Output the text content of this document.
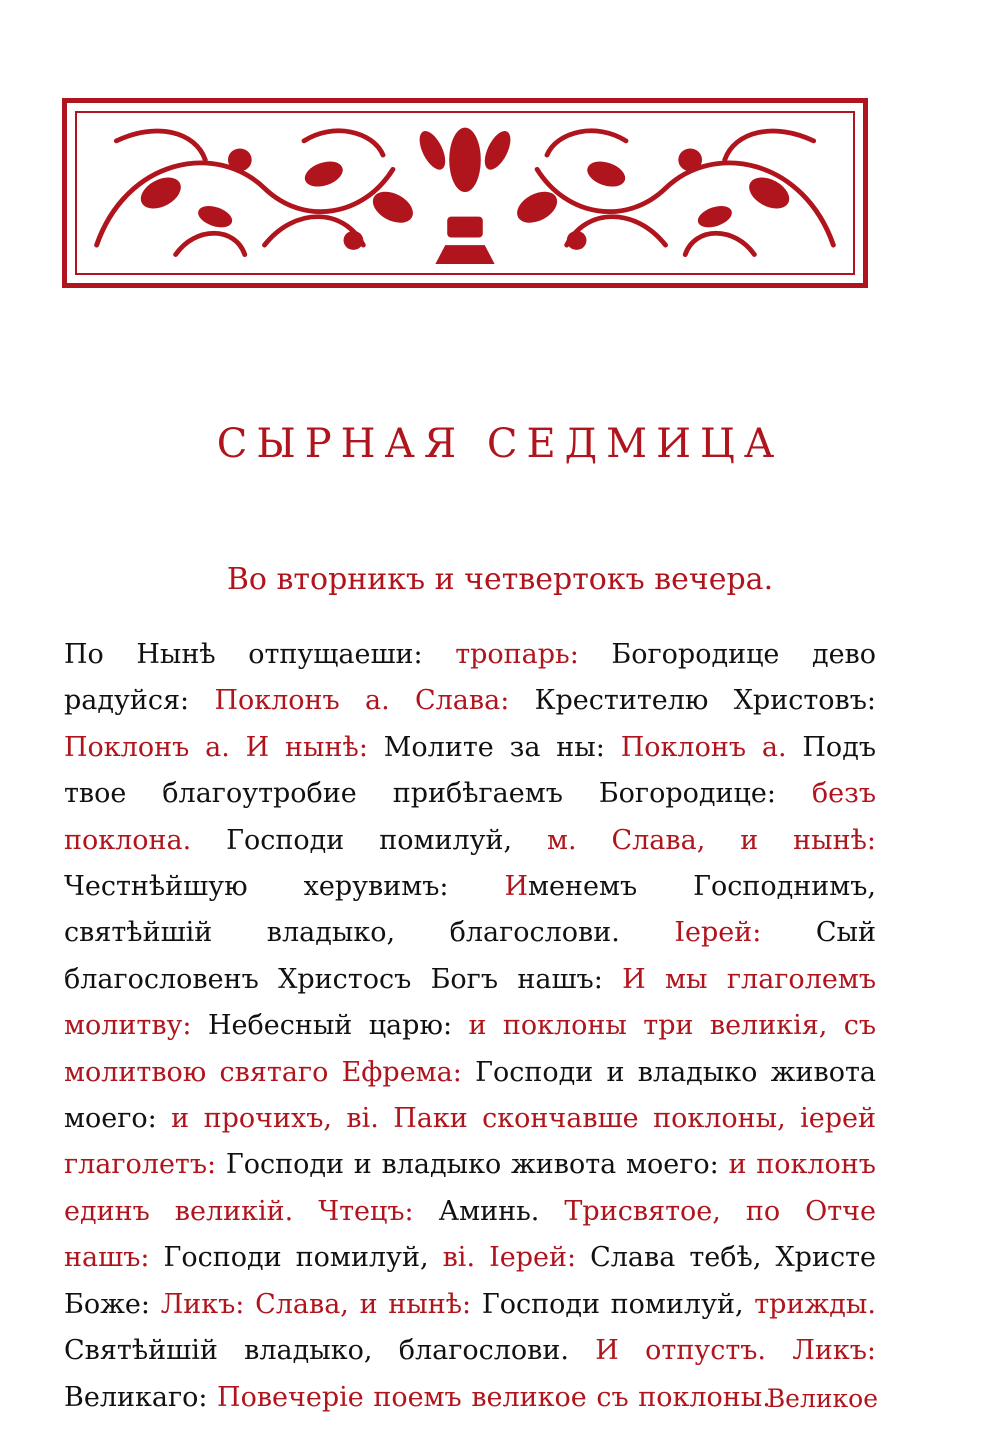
СЫРНАЯ СЕДМИЦА
Во вторникъ и четвертокъ вечера.
По Нынѣ отпущаеши: тропарь: Богородице дево радуйся: Поклонъ а. Слава: Крестителю Христовъ: Поклонъ а. И нынѣ: Молите за ны: Поклонъ а. Подъ твое благоутробие прибѣгаемъ Богородице: безъ поклона. Господи помилуй, м. Слава, и нынѣ: Честнѣйшую херувимъ: Именемъ Господнимъ, святѣйшiй владыко, благослови. Iерей: Сый благословенъ Христосъ Богъ нашъ: И мы глаголемъ молитву: Небесный царю: и поклоны три великiя, съ молитвою святаго Ефрема: Господи и владыко живота моего: и прочихъ, вi. Паки скончавше поклоны, iерей глаголетъ: Господи и владыко живота моего: и поклонъ единъ великiй. Чтецъ: Аминь. Трисвятое, по Отче нашъ: Господи помилуй, вi. Iерей: Слава тебѣ, Христе Боже: Ликъ: Слава, и нынѣ: Господи помилуй, трижды. Святѣйшiй владыко, благослови. И отпустъ. Ликъ: Великаго: Повечерiе поемъ великое съ поклоны.
Великое
